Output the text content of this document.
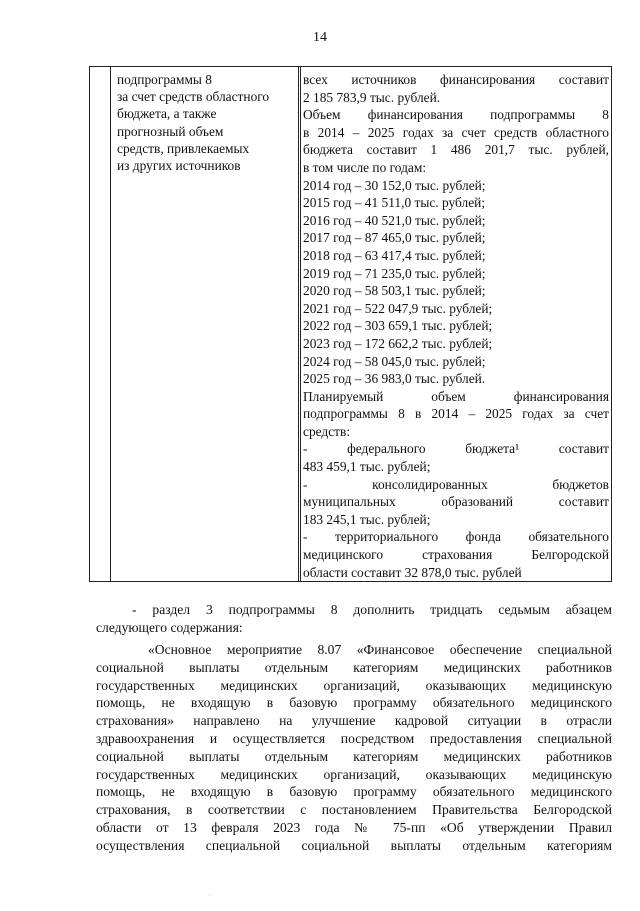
14
подпрограммы 8
за счет средств областного
бюджета, а также
прогнозный объем
средств, привлекаемых
из других источников
всех источников финансирования составит
2 185 783,9 тыс. рублей.
Объем финансирования подпрограммы 8
в 2014 – 2025 годах за счет средств областного
бюджета составит 1 486 201,7 тыс. рублей,
в том числе по годам:
2014 год – 30 152,0 тыс. рублей;
2015 год – 41 511,0 тыс. рублей;
2016 год – 40 521,0 тыс. рублей;
2017 год – 87 465,0 тыс. рублей;
2018 год – 63 417,4 тыс. рублей;
2019 год – 71 235,0 тыс. рублей;
2020 год – 58 503,1 тыс. рублей;
2021 год – 522 047,9 тыс. рублей;
2022 год – 303 659,1 тыс. рублей;
2023 год – 172 662,2 тыс. рублей;
2024 год – 58 045,0 тыс. рублей;
2025 год – 36 983,0 тыс. рублей.
Планируемый объем финансирования
подпрограммы 8 в 2014 – 2025 годах за счет
средств:
- федерального бюджета¹ составит
483 459,1 тыс. рублей;
- консолидированных бюджетов
муниципальных образований составит
183 245,1 тыс. рублей;
- территориального фонда обязательного
медицинского страхования Белгородской
области составит 32 878,0 тыс. рублей
- раздел 3 подпрограммы 8 дополнить тридцать седьмым абзацем
следующего содержания:
«Основное мероприятие 8.07 «Финансовое обеспечение специальной
социальной выплаты отдельным категориям медицинских работников
государственных медицинских организаций, оказывающих медицинскую
помощь, не входящую в базовую программу обязательного медицинского
страхования» направлено на улучшение кадровой ситуации в отрасли
здравоохранения и осуществляется посредством предоставления специальной
социальной выплаты отдельным категориям медицинских работников
государственных медицинских организаций, оказывающих медицинскую
помощь, не входящую в базовую программу обязательного медицинского
страхования, в соответствии с постановлением Правительства Белгородской
области от 13 февраля 2023 года № 75-пп «Об утверждении Правил
осуществления специальной социальной выплаты отдельным категориям
·
